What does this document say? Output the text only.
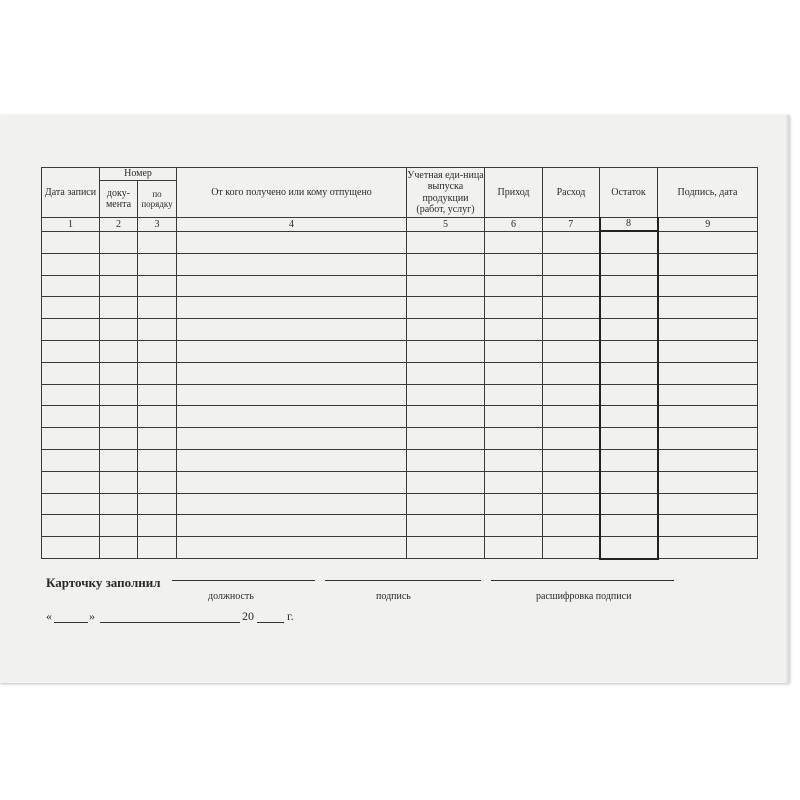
Дата записи	Номер		От кого получено или кому отпущено	Учетная еди-ница выпуска продукции (работ, услуг)	Приход	Расход	Остаток	Подпись, дата
	доку-мента	по порядку						
1	2	3	4	5	6	7	8	9

Карточку заполнил
должность	подпись	расшифровка подписи
«	»	20	г.
